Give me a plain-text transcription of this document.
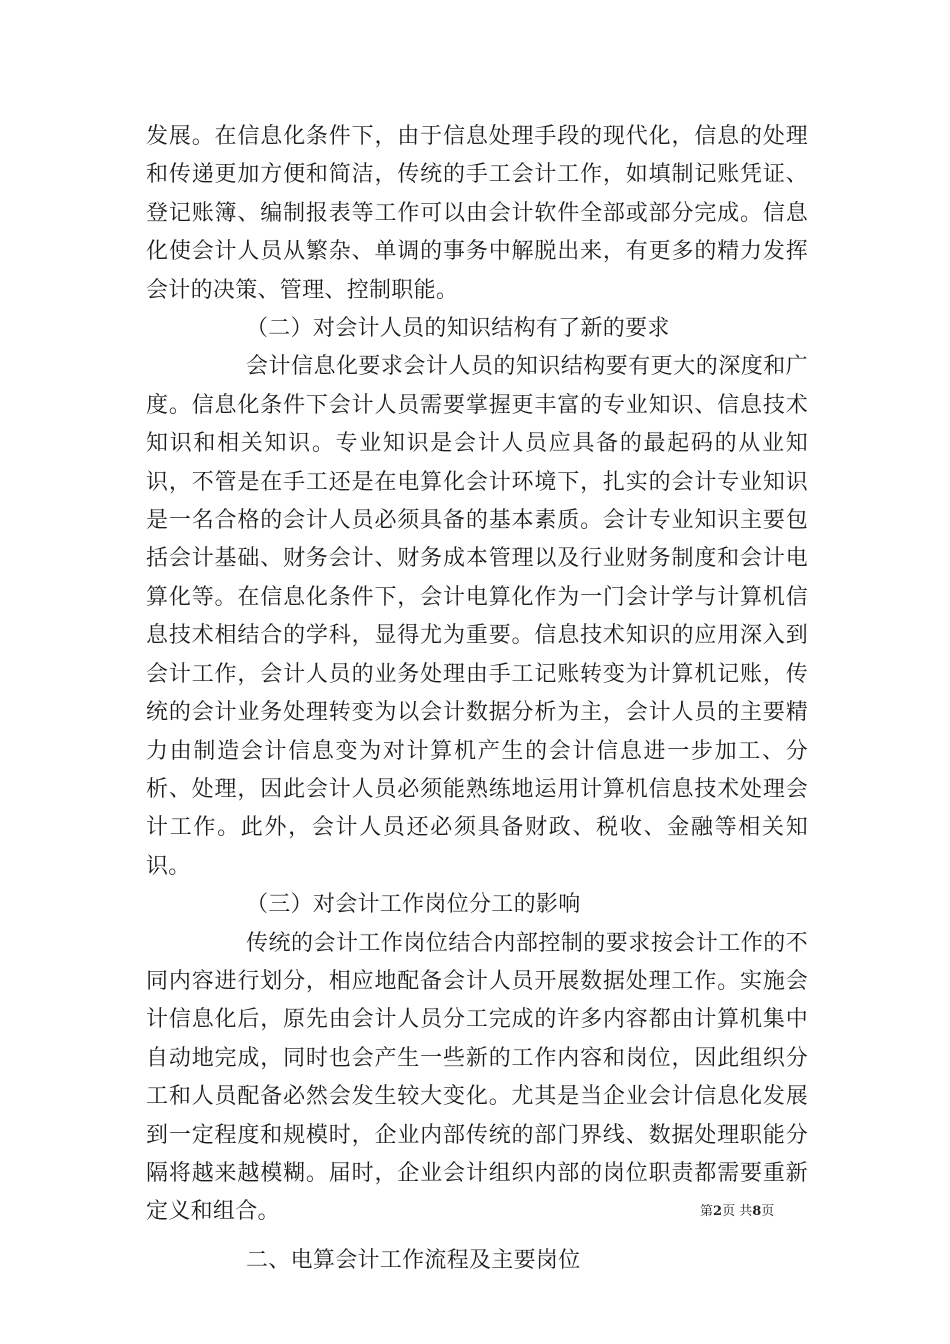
发展。在信息化条件下，由于信息处理手段的现代化，信息的处理和传递更加方便和简洁，传统的手工会计工作，如填制记账凭证、登记账簿、编制报表等工作可以由会计软件全部或部分完成。信息化使会计人员从繁杂、单调的事务中解脱出来，有更多的精力发挥会计的决策、管理、控制职能。

（二）对会计人员的知识结构有了新的要求

会计信息化要求会计人员的知识结构要有更大的深度和广度。信息化条件下会计人员需要掌握更丰富的专业知识、信息技术知识和相关知识。专业知识是会计人员应具备的最起码的从业知识，不管是在手工还是在电算化会计环境下，扎实的会计专业知识是一名合格的会计人员必须具备的基本素质。会计专业知识主要包括会计基础、财务会计、财务成本管理以及行业财务制度和会计电算化等。在信息化条件下，会计电算化作为一门会计学与计算机信息技术相结合的学科，显得尤为重要。信息技术知识的应用深入到会计工作，会计人员的业务处理由手工记账转变为计算机记账，传统的会计业务处理转变为以会计数据分析为主，会计人员的主要精力由制造会计信息变为对计算机产生的会计信息进一步加工、分析、处理，因此会计人员必须能熟练地运用计算机信息技术处理会计工作。此外，会计人员还必须具备财政、税收、金融等相关知识。

（三）对会计工作岗位分工的影响

传统的会计工作岗位结合内部控制的要求按会计工作的不同内容进行划分，相应地配备会计人员开展数据处理工作。实施会计信息化后，原先由会计人员分工完成的许多内容都由计算机集中自动地完成，同时也会产生一些新的工作内容和岗位，因此组织分工和人员配备必然会发生较大变化。尤其是当企业会计信息化发展到一定程度和规模时，企业内部传统的部门界线、数据处理职能分隔将越来越模糊。届时，企业会计组织内部的岗位职责都需要重新定义和组合。

二、电算会计工作流程及主要岗位

第2页 共8页
